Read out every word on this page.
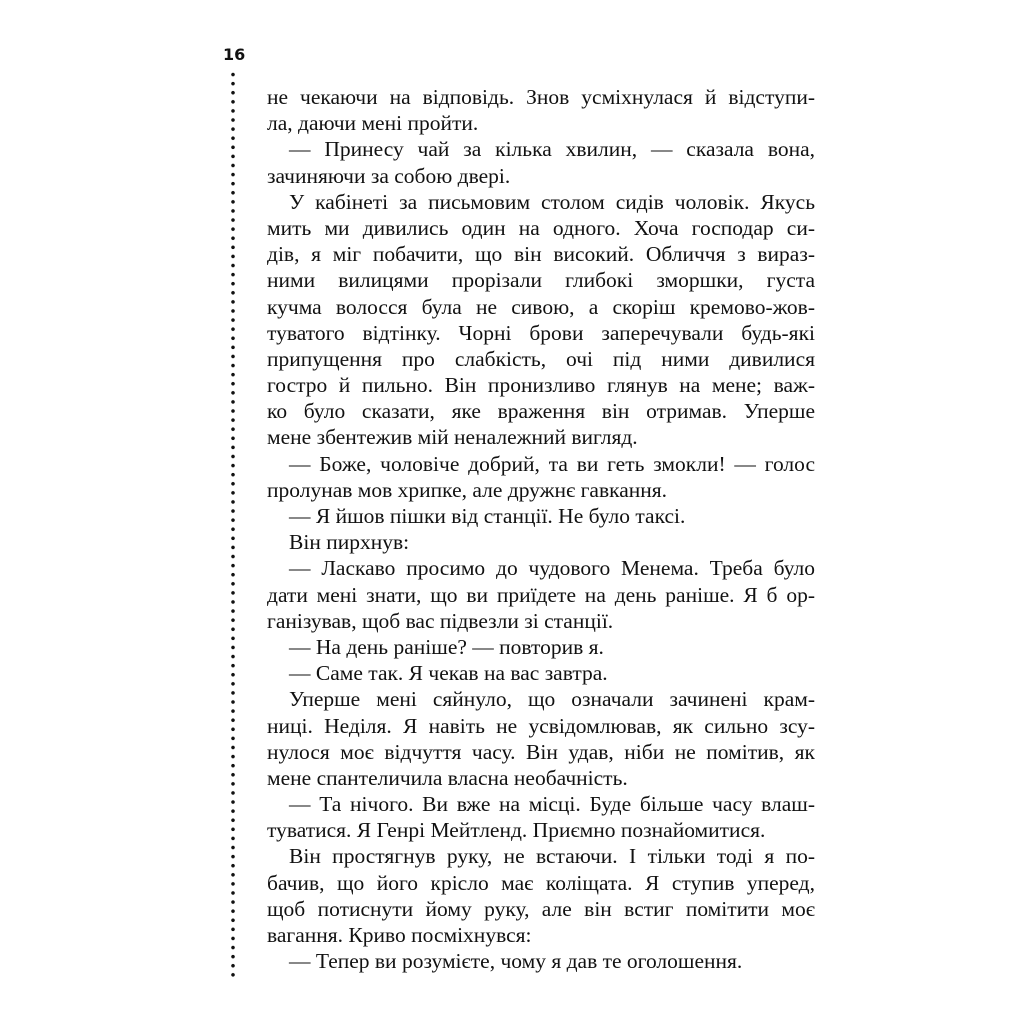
16

не чекаючи на відповідь. Знов усміхнулася й відступи-
ла, даючи мені пройти.

— Принесу чай за кілька хвилин, — сказала вона,
зачиняючи за собою двері.

У кабінеті за письмовим столом сидів чоловік. Якусь
мить ми дивились один на одного. Хоча господар си-
дів, я міг побачити, що він високий. Обличчя з вираз-
ними вилицями прорізали глибокі зморшки, густа
кучма волосся була не сивою, а скоріш кремово-жов-
туватого відтінку. Чорні брови заперечували будь-які
припущення про слабкість, очі під ними дивилися
гостро й пильно. Він пронизливо глянув на мене; важ-
ко було сказати, яке враження він отримав. Уперше
мене збентежив мій неналежний вигляд.

— Боже, чоловіче добрий, та ви геть змокли! — голос
пролунав мов хрипке, але дружнє гавкання.

— Я йшов пішки від станції. Не було таксі.

Він пирхнув:

— Ласкаво просимо до чудового Менема. Треба було
дати мені знати, що ви приїдете на день раніше. Я б ор-
ганізував, щоб вас підвезли зі станції.

— На день раніше? — повторив я.

— Саме так. Я чекав на вас завтра.

Уперше мені сяйнуло, що означали зачинені крам-
ниці. Неділя. Я навіть не усвідомлював, як сильно зсу-
нулося моє відчуття часу. Він удав, ніби не помітив, як
мене спантеличила власна необачність.

— Та нічого. Ви вже на місці. Буде більше часу влаш-
туватися. Я Генрі Мейтленд. Приємно познайомитися.

Він простягнув руку, не встаючи. І тільки тоді я по-
бачив, що його крісло має коліщата. Я ступив уперед,
щоб потиснути йому руку, але він встиг помітити моє
вагання. Криво посміхнувся:

— Тепер ви розумієте, чому я дав те оголошення.
